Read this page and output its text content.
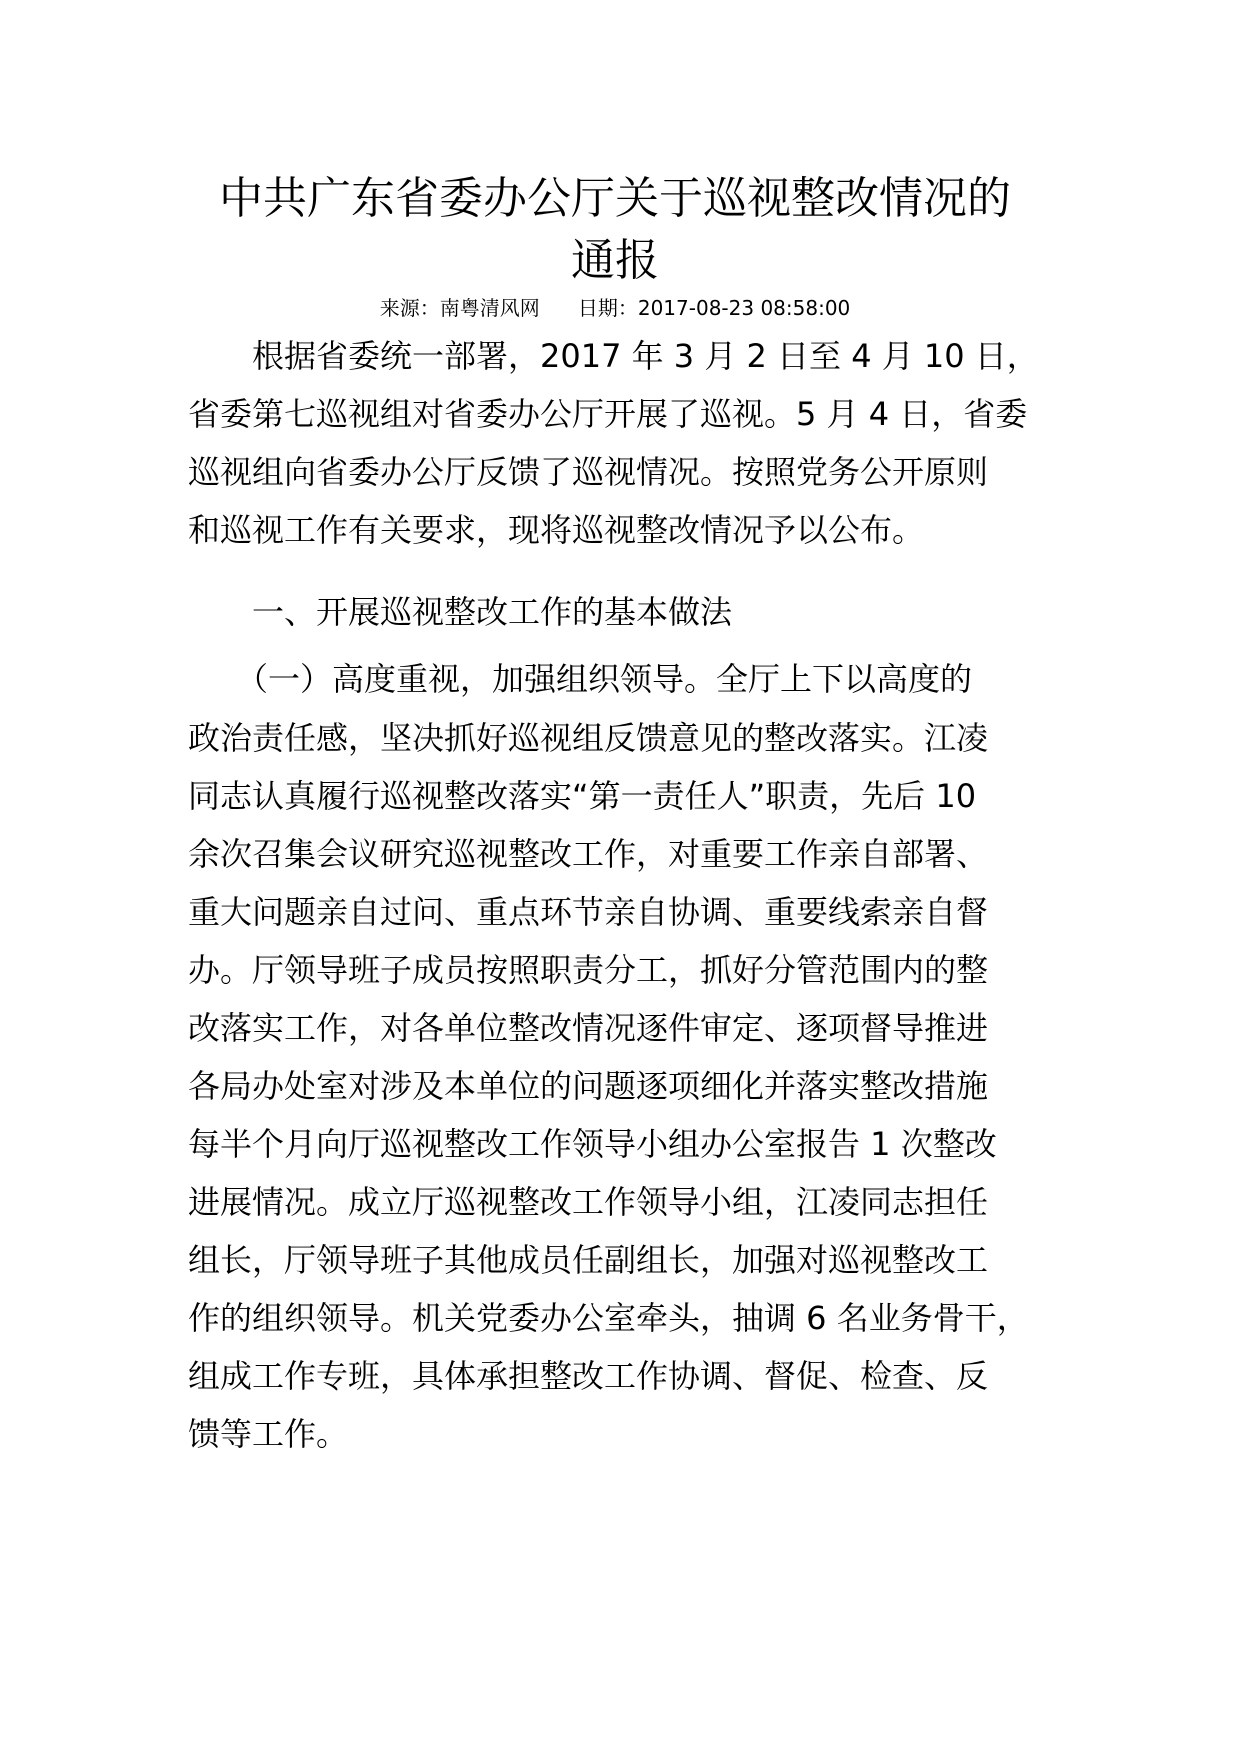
中共广东省委办公厅关于巡视整改情况的
通报
来源：南粤清风网 日期：2017-08-23 08:58:00
　　根据省委统一部署，2017 年 3 月 2 日至 4 月 10 日，
省委第七巡视组对省委办公厅开展了巡视。5 月 4 日，省委
巡视组向省委办公厅反馈了巡视情况。按照党务公开原则
和巡视工作有关要求，现将巡视整改情况予以公布。
　　一、开展巡视整改工作的基本做法
　　（一）高度重视，加强组织领导。全厅上下以高度的
政治责任感，坚决抓好巡视组反馈意见的整改落实。江凌
同志认真履行巡视整改落实“第一责任人”职责，先后 10
余次召集会议研究巡视整改工作，对重要工作亲自部署、
重大问题亲自过问、重点环节亲自协调、重要线索亲自督
办。厅领导班子成员按照职责分工，抓好分管范围内的整
改落实工作，对各单位整改情况逐件审定、逐项督导推进
各局办处室对涉及本单位的问题逐项细化并落实整改措施
每半个月向厅巡视整改工作领导小组办公室报告 1 次整改
进展情况。成立厅巡视整改工作领导小组，江凌同志担任
组长，厅领导班子其他成员任副组长，加强对巡视整改工
作的组织领导。机关党委办公室牵头，抽调 6 名业务骨干，
组成工作专班，具体承担整改工作协调、督促、检查、反
馈等工作。
